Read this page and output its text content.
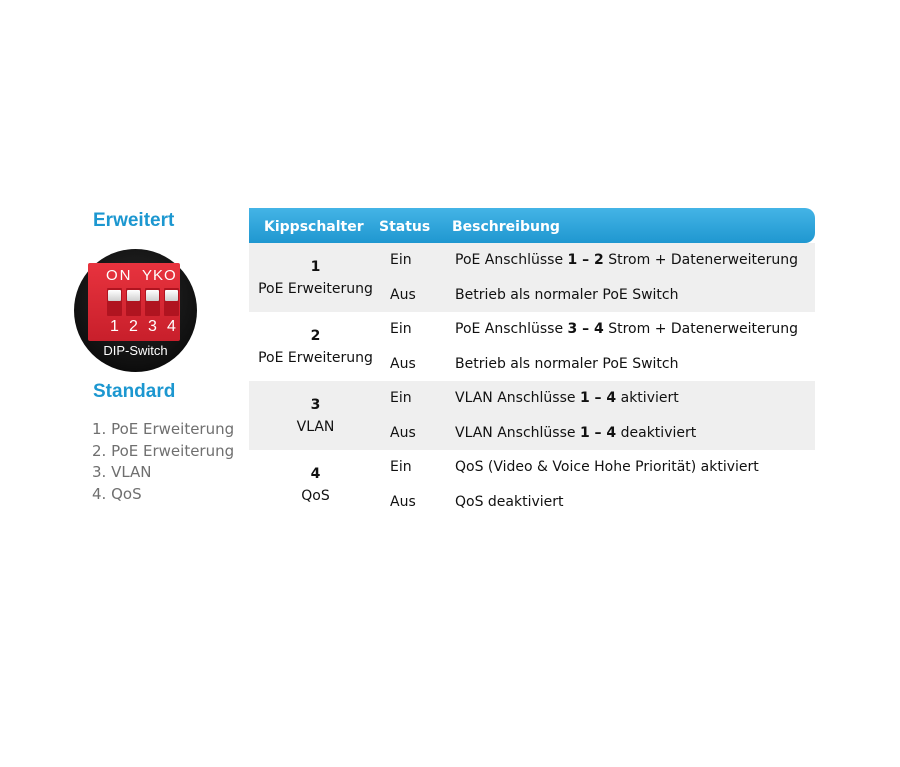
Erweitert
ON YKO
1 2 3 4
DIP-Switch
Standard
1. PoE Erweiterung
2. PoE Erweiterung
3. VLAN
4. QoS
Kippschalter Status Beschreibung
1
PoE Erweiterung
Ein	PoE Anschlüsse 1 – 2 Strom + Datenerweiterung
Aus	Betrieb als normaler PoE Switch
2
PoE Erweiterung
Ein	PoE Anschlüsse 3 – 4 Strom + Datenerweiterung
Aus	Betrieb als normaler PoE Switch
3
VLAN
Ein	VLAN Anschlüsse 1 – 4 aktiviert
Aus	VLAN Anschlüsse 1 – 4 deaktiviert
4
QoS
Ein	QoS (Video & Voice Hohe Priorität) aktiviert
Aus	QoS deaktiviert
